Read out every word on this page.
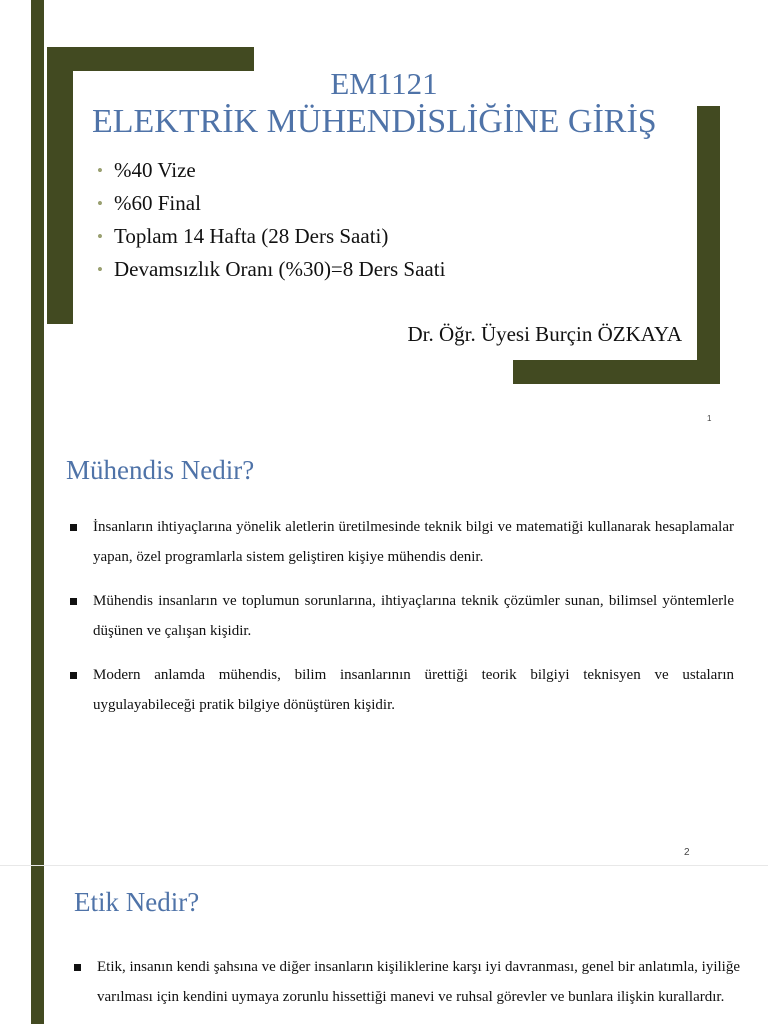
EM1121
ELEKTRİK MÜHENDİSLİĞİNE GİRİŞ
• %40 Vize
• %60 Final
• Toplam 14 Hafta (28 Ders Saati)
• Devamsızlık Oranı (%30)=8 Ders Saati
Dr. Öğr. Üyesi Burçin ÖZKAYA
1
Mühendis Nedir?
İnsanların ihtiyaçlarına yönelik aletlerin üretilmesinde teknik bilgi ve matematiği kullanarak hesaplamalar yapan, özel programlarla sistem geliştiren kişiye mühendis denir.
Mühendis insanların ve toplumun sorunlarına, ihtiyaçlarına teknik çözümler sunan, bilimsel yöntemlerle düşünen ve çalışan kişidir.
Modern anlamda mühendis, bilim insanlarının ürettiği teorik bilgiyi teknisyen ve ustaların uygulayabileceği pratik bilgiye dönüştüren kişidir.
2
Etik Nedir?
Etik, insanın kendi şahsına ve diğer insanların kişiliklerine karşı iyi davranması, genel bir anlatımla, iyiliğe varılması için kendini uymaya zorunlu hissettiği manevi ve ruhsal görevler ve bunlara ilişkin kurallardır.
